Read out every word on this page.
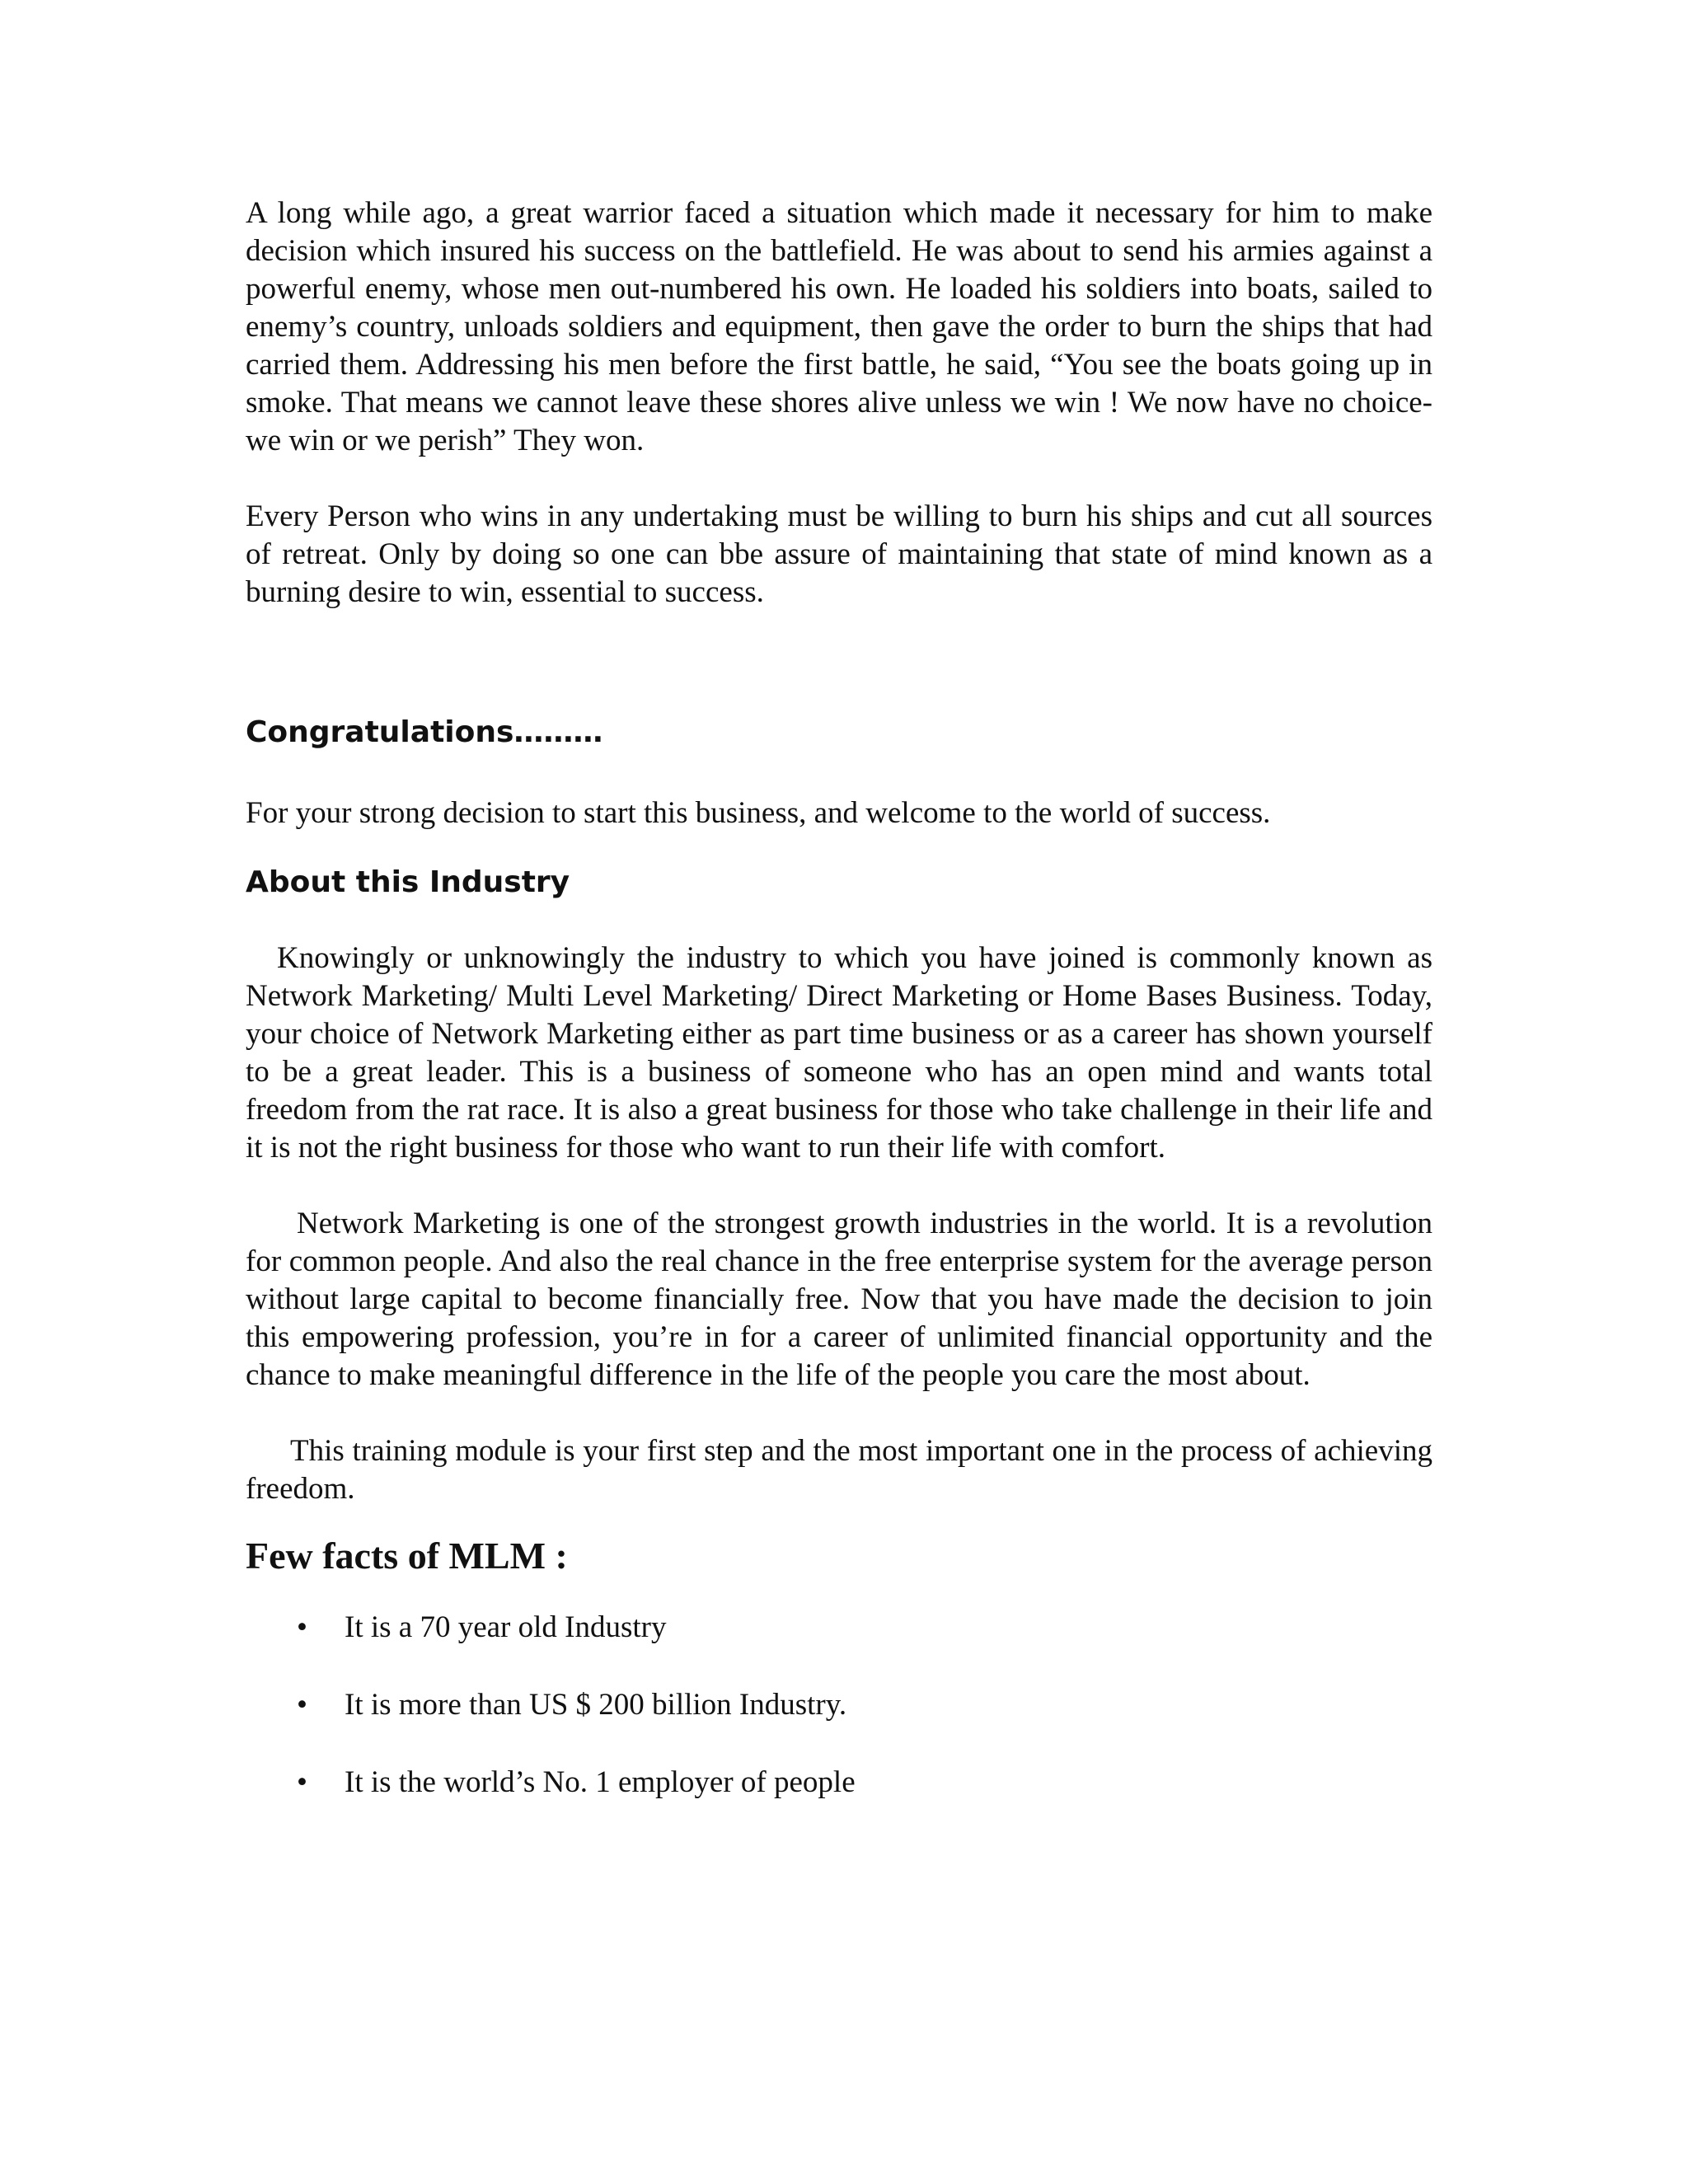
A long while ago, a great warrior faced a situation which made it necessary for him to make decision which insured his success on the battlefield. He was about to send his armies against a powerful enemy, whose men out-numbered his own. He loaded his soldiers into boats, sailed to enemy’s country, unloads soldiers and equipment, then gave the order to burn the ships that had carried them. Addressing his men before the first battle, he said, “You see the boats going up in smoke. That means we cannot leave these shores alive unless we win ! We now have no choice- we win or we perish” They won.

Every Person who wins in any undertaking must be willing to burn his ships and cut all sources of retreat. Only by doing so one can bbe assure of maintaining that state of mind known as a burning desire to win, essential to success.

Congratulations………

For your strong decision to start this business, and welcome to the world of success.

About this Industry

Knowingly or unknowingly the industry to which you have joined is commonly known as Network Marketing/ Multi Level Marketing/ Direct Marketing or Home Bases Business. Today, your choice of Network Marketing either as part time business or as a career has shown yourself to be a great leader. This is a business of someone who has an open mind and wants total freedom from the rat race. It is also a great business for those who take challenge in their life and it is not the right business for those who want to run their life with comfort.

Network Marketing is one of the strongest growth industries in the world. It is a revolution for common people. And also the real chance in the free enterprise system for the average person without large capital to become financially free. Now that you have made the decision to join this empowering profession, you’re in for a career of unlimited financial opportunity and the chance to make meaningful difference in the life of the people you care the most about.

This training module is your first step and the most important one in the process of achieving freedom.

Few facts of MLM :
• It is a 70 year old Industry
• It is more than US $ 200 billion Industry.
• It is the world’s No. 1 employer of people
